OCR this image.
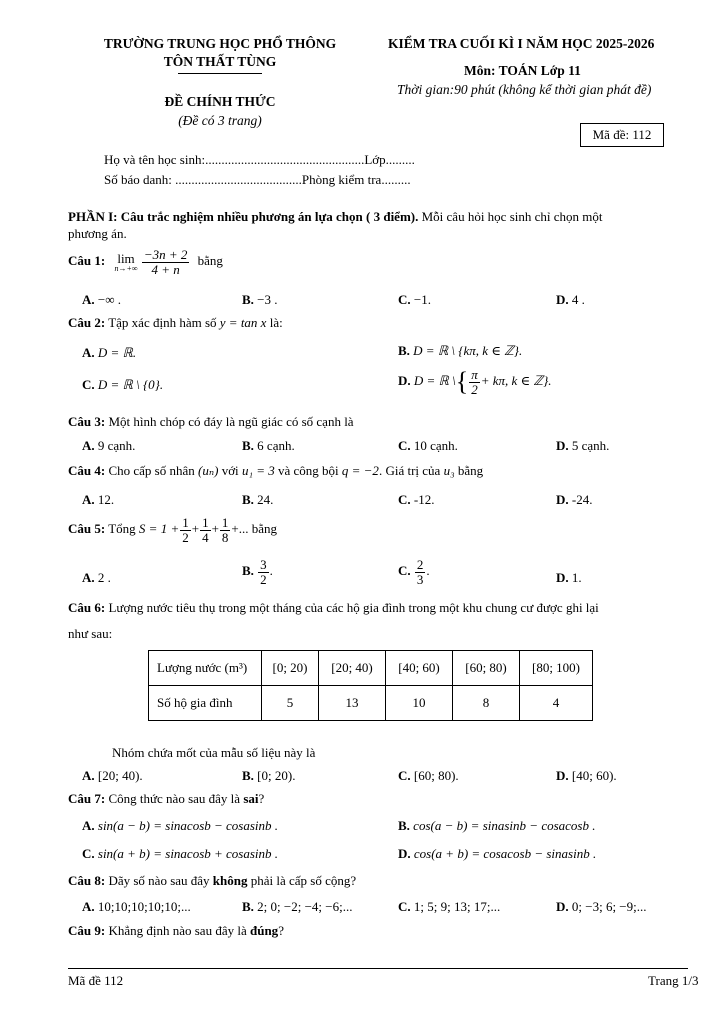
TRƯỜNG TRUNG HỌC PHỔ THÔNG
TÔN THẤT TÙNG
KIỂM TRA CUỐI KÌ I NĂM HỌC 2025-2026
Môn: TOÁN Lớp 11
Thời gian:90 phút (không kể thời gian phát đề)
ĐỀ CHÍNH THỨC
(Đề có 3 trang)
Mã đề: 112
Họ và tên học sinh:.................................................Lớp.........
Số báo danh: .......................................Phòng kiểm tra.........
PHẦN I: Câu trắc nghiệm nhiều phương án lựa chọn ( 3 điểm). Mỗi câu hỏi học sinh chỉ chọn một
phương án.
Câu 1: lim
n→+∞
$\frac{-3n + 2}{4 + n}$ bằng
A. −∞ .	B. −3 .	C. −1.	D. 4 .
Câu 2: Tập xác định hàm số y = tan x là:
A. D = ℝ.	B. D = ℝ \ {kπ, k ∈ ℤ}.
C. D = ℝ \ {0}.	D. D = ℝ \{ $\frac{\pi}{2} + k\pi$, k ∈ ℤ}.
Câu 3: Một hình chóp có đáy là ngũ giác có số cạnh là
A. 9 cạnh.	B. 6 cạnh.	C. 10 cạnh.	D. 5 cạnh.
Câu 4: Cho cấp số nhân (uₙ) với u₁ = 3 và công bội q = −2. Giá trị của u₃ bằng
A. 12.	B. 24.	C. -12.	D. -24.
Câu 5: Tổng $S = 1 + \frac{1}{2} + \frac{1}{4} + \frac{1}{8}$ +... bằng
A. 2 .	B. $\frac{3}{2}$ .	C. $\frac{2}{3}$ .	D. 1.
Câu 6: Lượng nước tiêu thụ trong một tháng của các hộ gia đình trong một khu chung cư được ghi lại
như sau:
Lượng nước (m³)	[0; 20)	[20; 40)	[40; 60)	[60; 80)	[80; 100)
Số hộ gia đình	5	13	10	8	4
Nhóm chứa mốt của mẫu số liệu này là
A. [20; 40).	B. [0; 20).	C. [60; 80).	D. [40; 60).
Câu 7: Công thức nào sau đây là sai?
A. sin(a − b) = sinacosb − cosasinb .	B. cos(a − b) = sinasinb − cosacosb .
C. sin(a + b) = sinacosb + cosasinb .	D. cos(a + b) = cosacosb − sinasinb .
Câu 8: Dãy số nào sau đây không phải là cấp số cộng?
A. 10;10;10;10;10;...	B. 2; 0; −2; −4; −6;...	C. 1; 5; 9; 13; 17;...	D. 0; −3; 6; −9;...
Câu 9: Khẳng định nào sau đây là đúng?
Mã đề 112	Trang 1/3
